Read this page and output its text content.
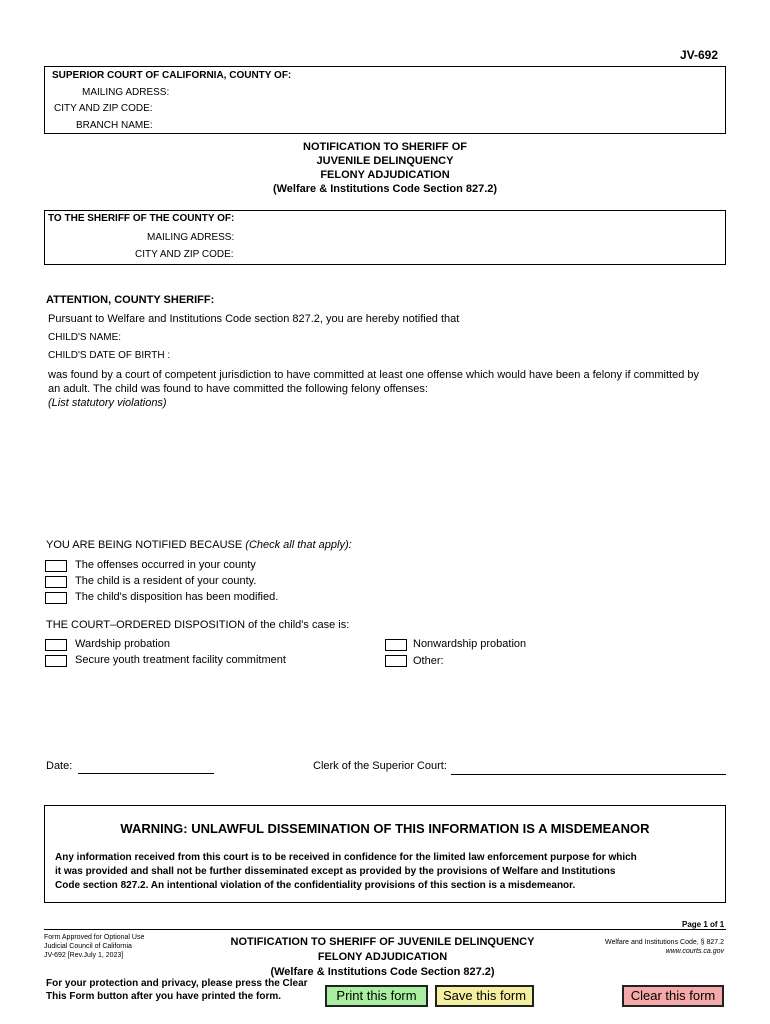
JV-692
SUPERIOR COURT OF CALIFORNIA, COUNTY OF:
MAILING ADRESS:
CITY AND ZIP CODE:
BRANCH NAME:
NOTIFICATION TO SHERIFF OF
JUVENILE DELINQUENCY
FELONY ADJUDICATION
(Welfare & Institutions Code Section 827.2)
TO THE SHERIFF OF THE COUNTY OF:
MAILING ADRESS:
CITY AND ZIP CODE:
ATTENTION, COUNTY SHERIFF:
Pursuant to Welfare and Institutions Code section 827.2, you are hereby notified that
CHILD'S NAME:
CHILD'S DATE OF BIRTH :
was found by a court of competent jurisdiction to have committed at least one offense which would have been a felony if committed by
an adult. The child was found to have committed the following felony offenses:
(List statutory violations)
YOU ARE BEING NOTIFIED BECAUSE (Check all that apply):
The offenses occurred in your county
The child is a resident of your county.
The child's disposition has been modified.
THE COURT–ORDERED DISPOSITION of the child's case is:
Wardship probation
Secure youth treatment facility commitment
Nonwardship probation
Other:
Date:	Clerk of the Superior Court:
WARNING: UNLAWFUL DISSEMINATION OF THIS INFORMATION IS A MISDEMEANOR
Any information received from this court is to be received in confidence for the limited law enforcement purpose for which
it was provided and shall not be further disseminated except as provided by the provisions of Welfare and Institutions
Code section 827.2. An intentional violation of the confidentiality provisions of this section is a misdemeanor.
Page 1 of 1
Form Approved for Optional Use
Judicial Council of California
JV-692 [Rev.July 1, 2023]
NOTIFICATION TO SHERIFF OF JUVENILE DELINQUENCY
FELONY ADJUDICATION
(Welfare & Institutions Code Section 827.2)
Welfare and Institutions Code, § 827.2
www.courts.ca.gov
For your protection and privacy, please press the Clear
This Form button after you have printed the form.	Print this form	Save this form	Clear this form
